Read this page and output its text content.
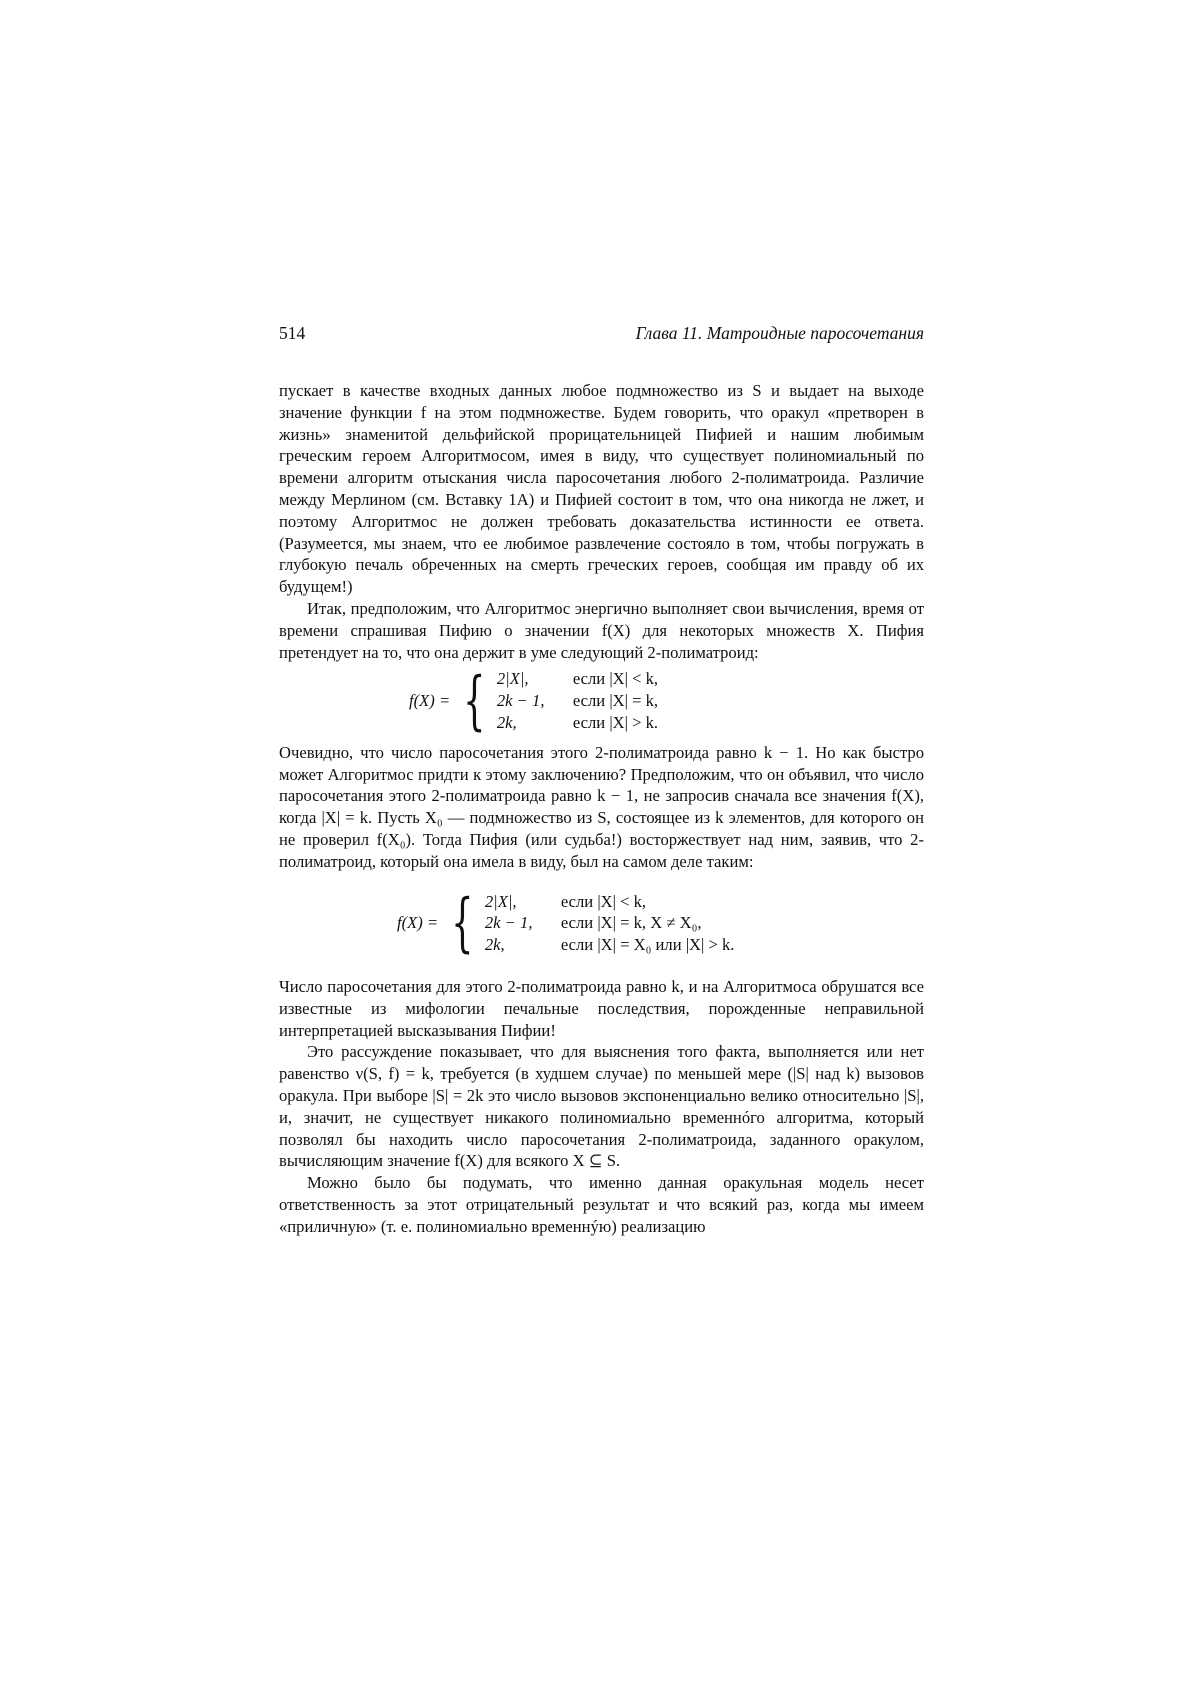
514	Глава 11. Матроидные паросочетания

пускает в качестве входных данных любое подмножество из S и выдает на выходе значение функции f на этом подмножестве. Будем говорить, что оракул «претворен в жизнь» знаменитой дельфийской прорицательницей Пифией и нашим любимым греческим героем Алгоритмосом, имея в виду, что существует полиномиальный по времени алгоритм отыскания числа паросочетания любого 2-полиматроида. Различие между Мерлином (см. Вставку 1А) и Пифией состоит в том, что она никогда не лжет, и поэтому Алгоритмос не должен требовать доказательства истинности ее ответа. (Разумеется, мы знаем, что ее любимое развлечение состояло в том, чтобы погружать в глубокую печаль обреченных на смерть греческих героев, сообщая им правду об их будущем!)

Итак, предположим, что Алгоритмос энергично выполняет свои вычисления, время от времени спрашивая Пифию о значении f(X) для некоторых множеств X. Пифия претендует на то, что она держит в уме следующий 2-полиматроид:

f(X) = { 2|X|,	если |X| < k,
2k − 1,	если |X| = k,
2k,	если |X| > k.

Очевидно, что число паросочетания этого 2-полиматроида равно k − 1. Но как быстро может Алгоритмос придти к этому заключению? Предположим, что он объявил, что число паросочетания этого 2-полиматроида равно k − 1, не запросив сначала все значения f(X), когда |X| = k. Пусть X₀ — подмножество из S, состоящее из k элементов, для которого он не проверил f(X₀). Тогда Пифия (или судьба!) восторжествует над ним, заявив, что 2-полиматроид, который она имела в виду, был на самом деле таким:

f(X) = { 2|X|,	если |X| < k,
2k − 1,	если |X| = k, X ≠ X₀,
2k,	если |X| = X₀ или |X| > k.

Число паросочетания для этого 2-полиматроида равно k, и на Алгоритмоса обрушатся все известные из мифологии печальные последствия, порожденные неправильной интерпретацией высказывания Пифии!

Это рассуждение показывает, что для выяснения того факта, выполняется или нет равенство ν(S, f) = k, требуется (в худшем случае) по меньшей мере (|S| над k) вызовов оракула. При выборе |S| = 2k это число вызовов экспоненциально велико относительно |S|, и, значит, не существует никакого полиномиально временнóго алгоритма, который позволял бы находить число паросочетания 2-полиматроида, заданного оракулом, вычисляющим значение f(X) для всякого X ⊆ S.

Можно было бы подумать, что именно данная оракульная модель несет ответственность за этот отрицательный результат и что всякий раз, когда мы имеем «приличную» (т. е. полиномиально временнýю) реализацию
